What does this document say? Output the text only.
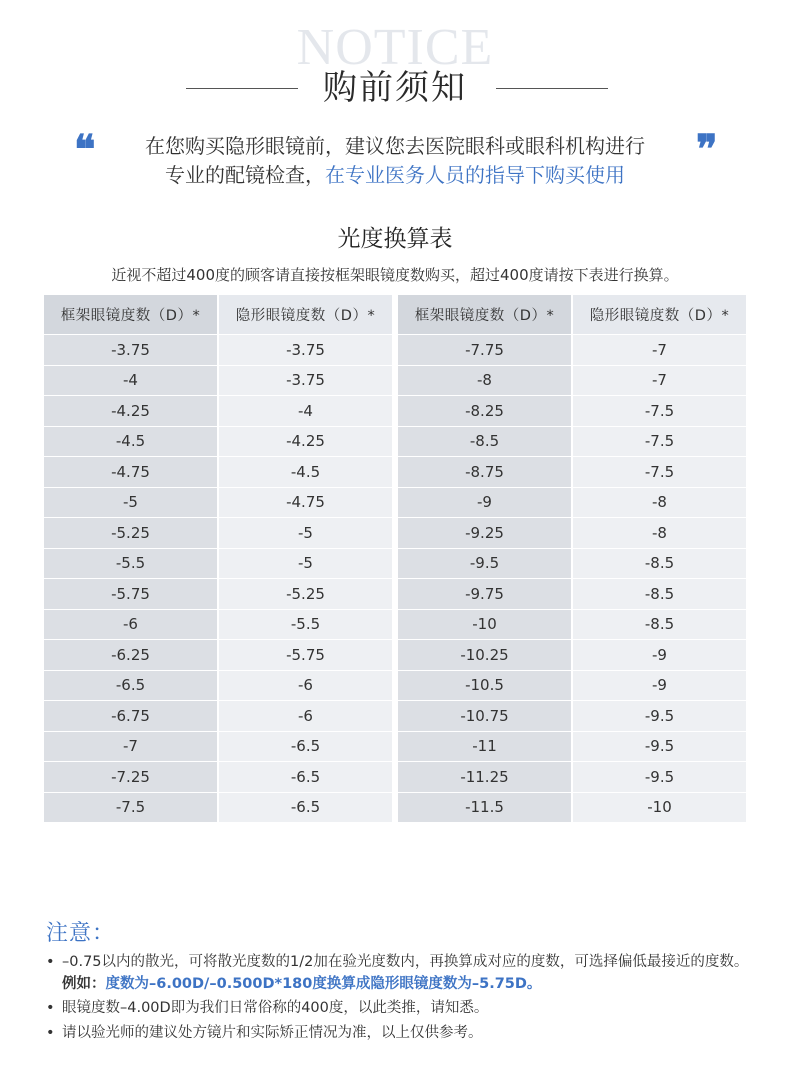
NOTICE
购前须知
❝	❞
在您购买隐形眼镜前，建议您去医院眼科或眼科机构进行
专业的配镜检查，在专业医务人员的指导下购买使用
光度换算表
近视不超过400度的顾客请直接按框架眼镜度数购买，超过400度请按下表进行换算。
框架眼镜度数（D）*	隐形眼镜度数（D）*	框架眼镜度数（D）*	隐形眼镜度数（D）*
-3.75	-3.75	-7.75	-7
-4	-3.75	-8	-7
-4.25	-4	-8.25	-7.5
-4.5	-4.25	-8.5	-7.5
-4.75	-4.5	-8.75	-7.5
-5	-4.75	-9	-8
-5.25	-5	-9.25	-8
-5.5	-5	-9.5	-8.5
-5.75	-5.25	-9.75	-8.5
-6	-5.5	-10	-8.5
-6.25	-5.75	-10.25	-9
-6.5	-6	-10.5	-9
-6.75	-6	-10.75	-9.5
-7	-6.5	-11	-9.5
-7.25	-6.5	-11.25	-9.5
-7.5	-6.5	-11.5	-10
注意：
• –0.75以内的散光，可将散光度数的1/2加在验光度数内，再换算成对应的度数，可选择偏低最接近的度数。例如：度数为–6.00D/–0.500D*180度换算成隐形眼镜度数为–5.75D。
• 眼镜度数–4.00D即为我们日常俗称的400度，以此类推，请知悉。
• 请以验光师的建议处方镜片和实际矫正情况为准，以上仅供参考。
